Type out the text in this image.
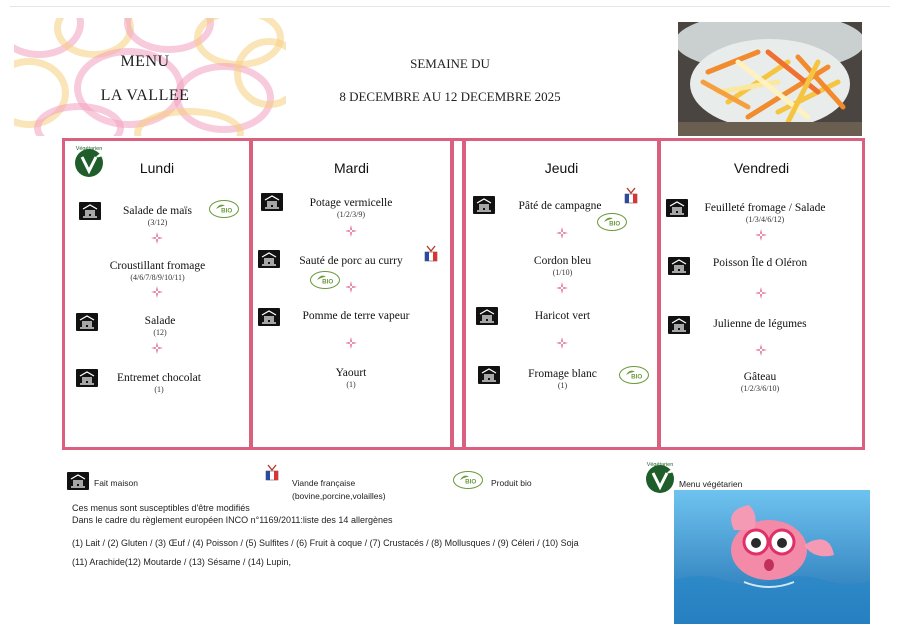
MENU
LA VALLEE
SEMAINE DU
8 DECEMBRE AU 12 DECEMBRE 2025
Lundi	Mardi	Jeudi	Vendredi
Végétarien
Salade de maïs
(3/12)
BIO
Croustillant fromage
(4/6/7/8/9/10/11)
Salade
(12)
Entremet chocolat
(1)
Potage vermicelle
(1/2/3/9)
Sauté de porc au curry
BIO
Pomme de terre vapeur
Yaourt
(1)
Pâté de campagne
BIO
Cordon bleu
(1/10)
Haricot vert
Fromage blanc
(1)
BIO
Feuilleté fromage / Salade
(1/3/4/6/12)
Poisson Île d Oléron
Julienne de légumes
Gâteau
(1/2/3/6/10)
Fait maison	Viande française
(bovine,porcine,volailles)
BIO Produit bio
Végétarien
Menu végétarien
Ces menus sont susceptibles d'être modifiés
Dans le cadre du règlement européen INCO n°1169/2011:liste des 14 allergènes
(1) Lait / (2) Gluten / (3) Œuf / (4) Poisson / (5) Sulfites / (6) Fruit à coque / (7) Crustacés / (8) Mollusques / (9) Céleri / (10) Soja
(11) Arachide(12) Moutarde / (13) Sésame / (14) Lupin,
